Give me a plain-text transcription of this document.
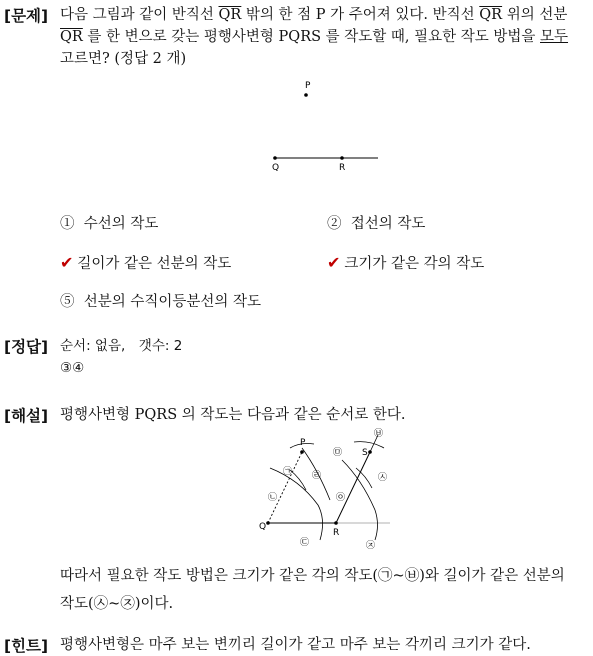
[문제] 다음 그림과 같이 반직선 $\overline{QR}$ 밖의 한 점 P 가 주어져 있다. 반직선 $\overline{QR}$ 위의 선분
$\overline{QR}$ 를 한 변으로 갖는 평행사변형 PQRS 를 작도할 때, 필요한 작도 방법을 모두
고르면? (정답 2 개)
P
Q	R
① 수선의 작도	② 접선의 작도
✔ 길이가 같은 선분의 작도	✔ 크기가 같은 각의 작도
⑤ 선분의 수직이등분선의 작도
[정답] 순서: 없음,　갯수: 2
③④
[해설] 평행사변형 PQRS 의 작도는 다음과 같은 순서로 한다.
P
Q
R
S
㉠
㉡
㉢
㉣
㉤
㉥
㉦
㉧
㉨
따라서 필요한 작도 방법은 크기가 같은 각의 작도(㉠~㉥)와 길이가 같은 선분의
작도(㉦~㉨)이다.
[힌트] 평행사변형은 마주 보는 변끼리 길이가 같고 마주 보는 각끼리 크기가 같다.
